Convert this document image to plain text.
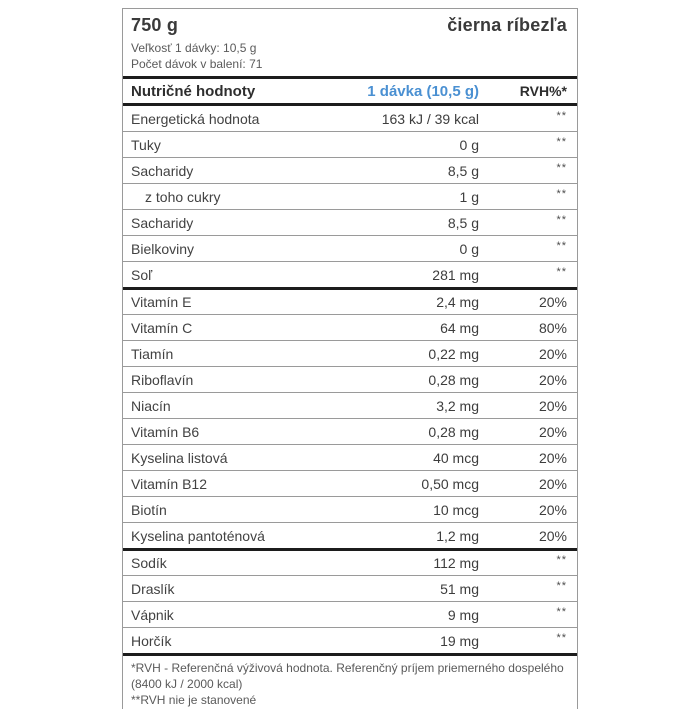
750 g	čierna ríbezľa
Veľkosť 1 dávky: 10,5 g
Počet dávok v balení: 71
Nutričné hodnoty	1 dávka (10,5 g)	RVH%*
Energetická hodnota	163 kJ / 39 kcal	**
Tuky	0 g	**
Sacharidy	8,5 g	**
z toho cukry	1 g	**
Sacharidy	8,5 g	**
Bielkoviny	0 g	**
Soľ	281 mg	**
Vitamín E	2,4 mg	20%
Vitamín C	64 mg	80%
Tiamín	0,22 mg	20%
Riboflavín	0,28 mg	20%
Niacín	3,2 mg	20%
Vitamín B6	0,28 mg	20%
Kyselina listová	40 mcg	20%
Vitamín B12	0,50 mcg	20%
Biotín	10 mcg	20%
Kyselina pantoténová	1,2 mg	20%
Sodík	112 mg	**
Draslík	51 mg	**
Vápnik	9 mg	**
Horčík	19 mg	**
*RVH - Referenčná výživová hodnota. Referenčný príjem priemerného dospelého
(8400 kJ / 2000 kcal)
**RVH nie je stanovené
